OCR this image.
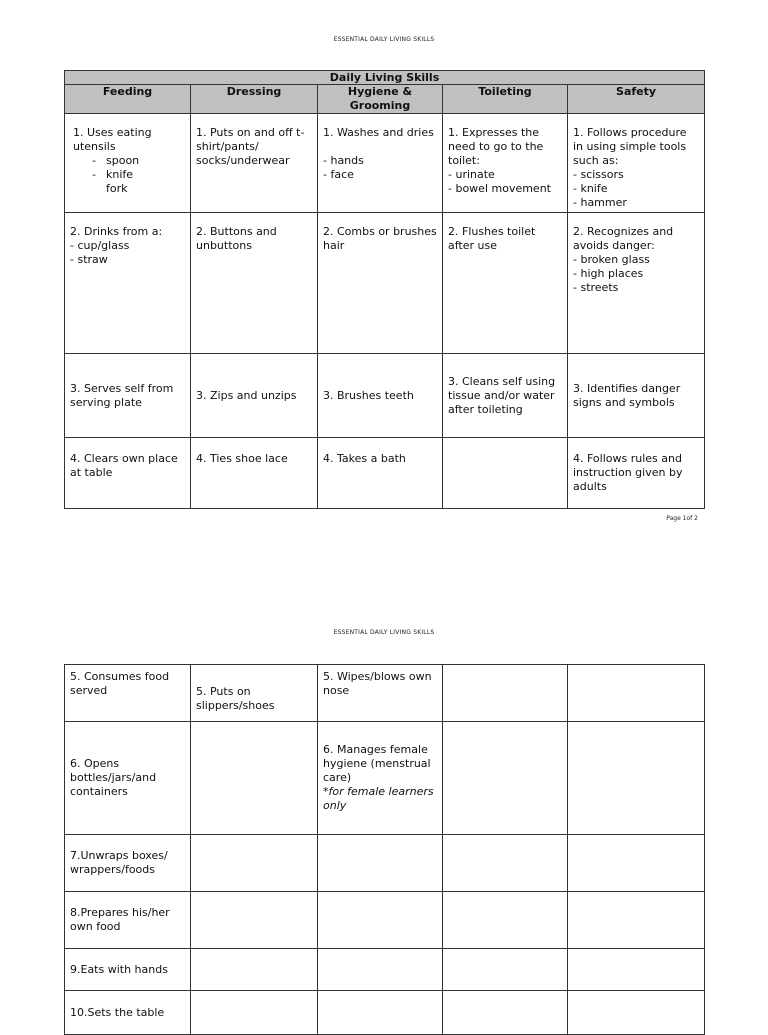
ESSENTIAL DAILY LIVING SKILLS
Daily Living Skills				
Feeding	Dressing	Hygiene & Grooming	Toileting	Safety

1. Uses eating utensils
- spoon
- knife
fork	1. Puts on and off t-shirt/pants/ socks/underwear	1. Washes and dries
- hands
- face	1. Expresses the need to go to the toilet:
- urinate
- bowel movement	1. Follows procedure in using simple tools such as:
- scissors
- knife
- hammer

2. Drinks from a:
- cup/glass
- straw	2. Buttons and unbuttons	2. Combs or brushes hair	2. Flushes toilet after use	2. Recognizes and avoids danger:
- broken glass
- high places
- streets

3. Serves self from serving plate	3. Zips and unzips	3. Brushes teeth	3. Cleans self using tissue and/or water after toileting	3. Identifies danger signs and symbols
4. Clears own place at table	4. Ties shoe lace	4. Takes a bath		4. Follows rules and instruction given by adults
Page 1of 2
ESSENTIAL DAILY LIVING SKILLS
5. Consumes food served	5. Puts on slippers/shoes	5. Wipes/blows own nose		
6. Opens bottles/jars/and containers		6. Manages female hygiene (menstrual care)
*for female learners only		

7.Unwraps boxes/ wrappers/foods				
8.Prepares his/her own food				
9.Eats with hands				
10.Sets the table				
